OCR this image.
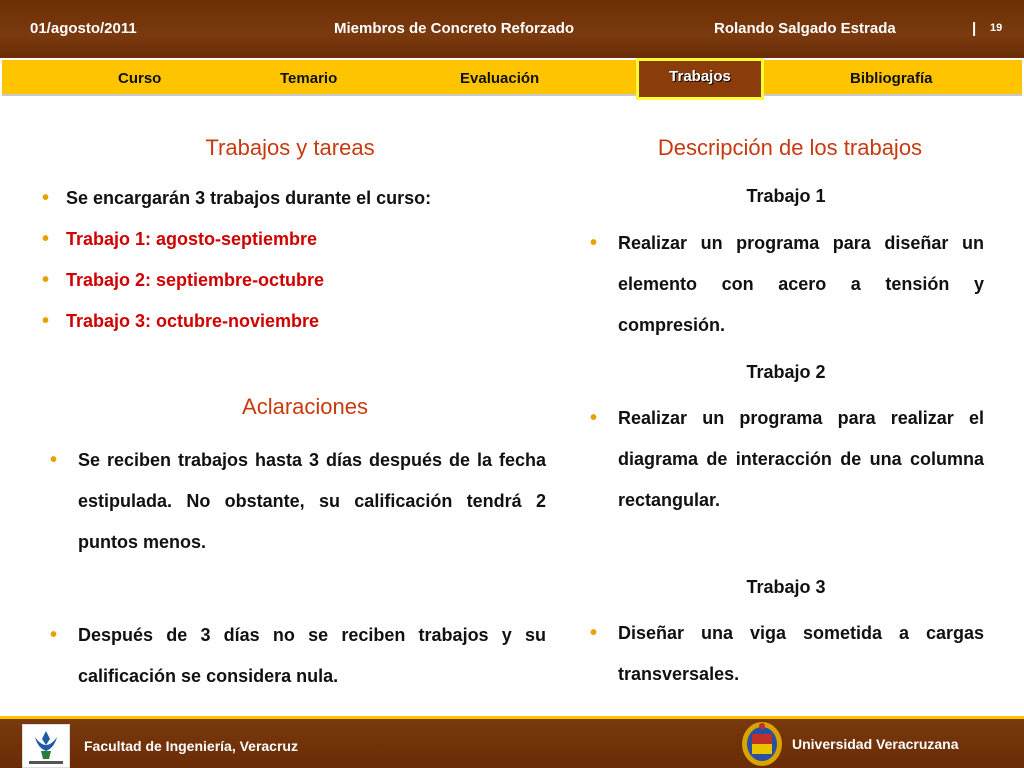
01/agosto/2011	Miembros de Concreto Reforzado	Rolando Salgado Estrada	| 19
Curso	Temario	Evaluación	Bibliografía
Trabajos
Trabajos y tareas
• Se encargarán 3 trabajos durante el curso:
• Trabajo 1: agosto-septiembre
• Trabajo 2: septiembre-octubre
• Trabajo 3: octubre-noviembre
Aclaraciones
• Se reciben trabajos hasta 3 días después de la fecha estipulada. No obstante, su calificación tendrá 2 puntos menos.
• Después de 3 días no se reciben trabajos y su calificación se considera nula.
Descripción de los trabajos
Trabajo 1
• Realizar un programa para diseñar un elemento con acero a tensión y compresión.
Trabajo 2
• Realizar un programa para realizar el diagrama de interacción de una columna rectangular.
Trabajo 3
• Diseñar una viga sometida a cargas transversales.
Facultad de Ingeniería, Veracruz	Universidad Veracruzana
